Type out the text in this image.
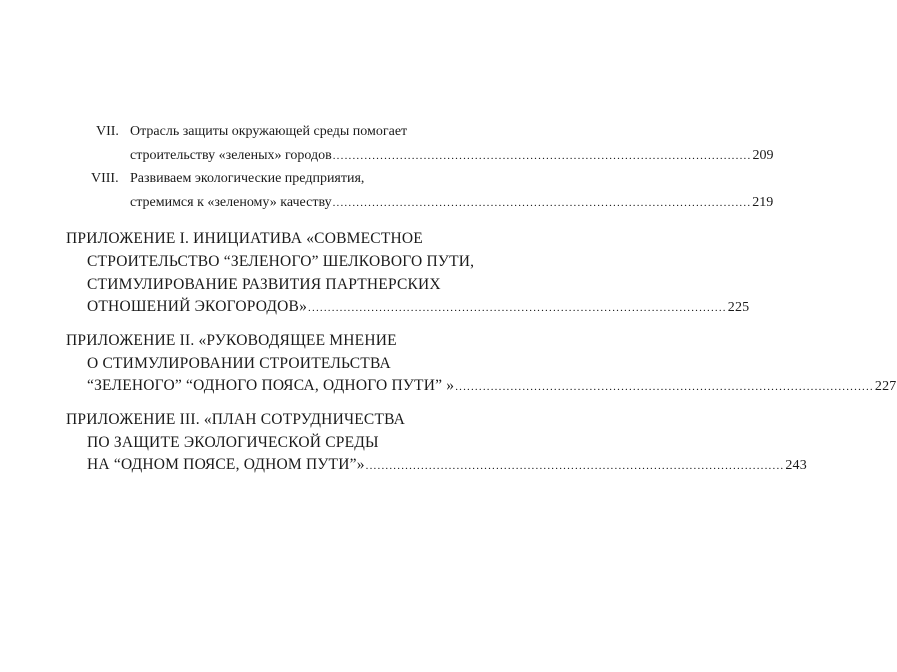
VII. Отрасль защиты окружающей среды помогает
строительству «зеленых» городов .......................................................................................................... 209
VIII. Развиваем экологические предприятия,
стремимся к «зеленому» качеству .......................................................................................................... 219
ПРИЛОЖЕНИЕ I. ИНИЦИАТИВА «СОВМЕСТНОЕ
СТРОИТЕЛЬСТВО “ЗЕЛЕНОГО” ШЕЛКОВОГО ПУТИ,
СТИМУЛИРОВАНИЕ РАЗВИТИЯ ПАРТНЕРСКИХ
ОТНОШЕНИЙ ЭКОГОРОДОВ» .......................................................................................................... 225
ПРИЛОЖЕНИЕ II. «РУКОВОДЯЩЕЕ МНЕНИЕ
О СТИМУЛИРОВАНИИ СТРОИТЕЛЬСТВА
“ЗЕЛЕНОГО” “ОДНОГО ПОЯСА, ОДНОГО ПУТИ” » .......................................................................................................... 227
ПРИЛОЖЕНИЕ III. «ПЛАН СОТРУДНИЧЕСТВА
ПО ЗАЩИТЕ ЭКОЛОГИЧЕСКОЙ СРЕДЫ
НА “ОДНОМ ПОЯСЕ, ОДНОМ ПУТИ”» .......................................................................................................... 243
